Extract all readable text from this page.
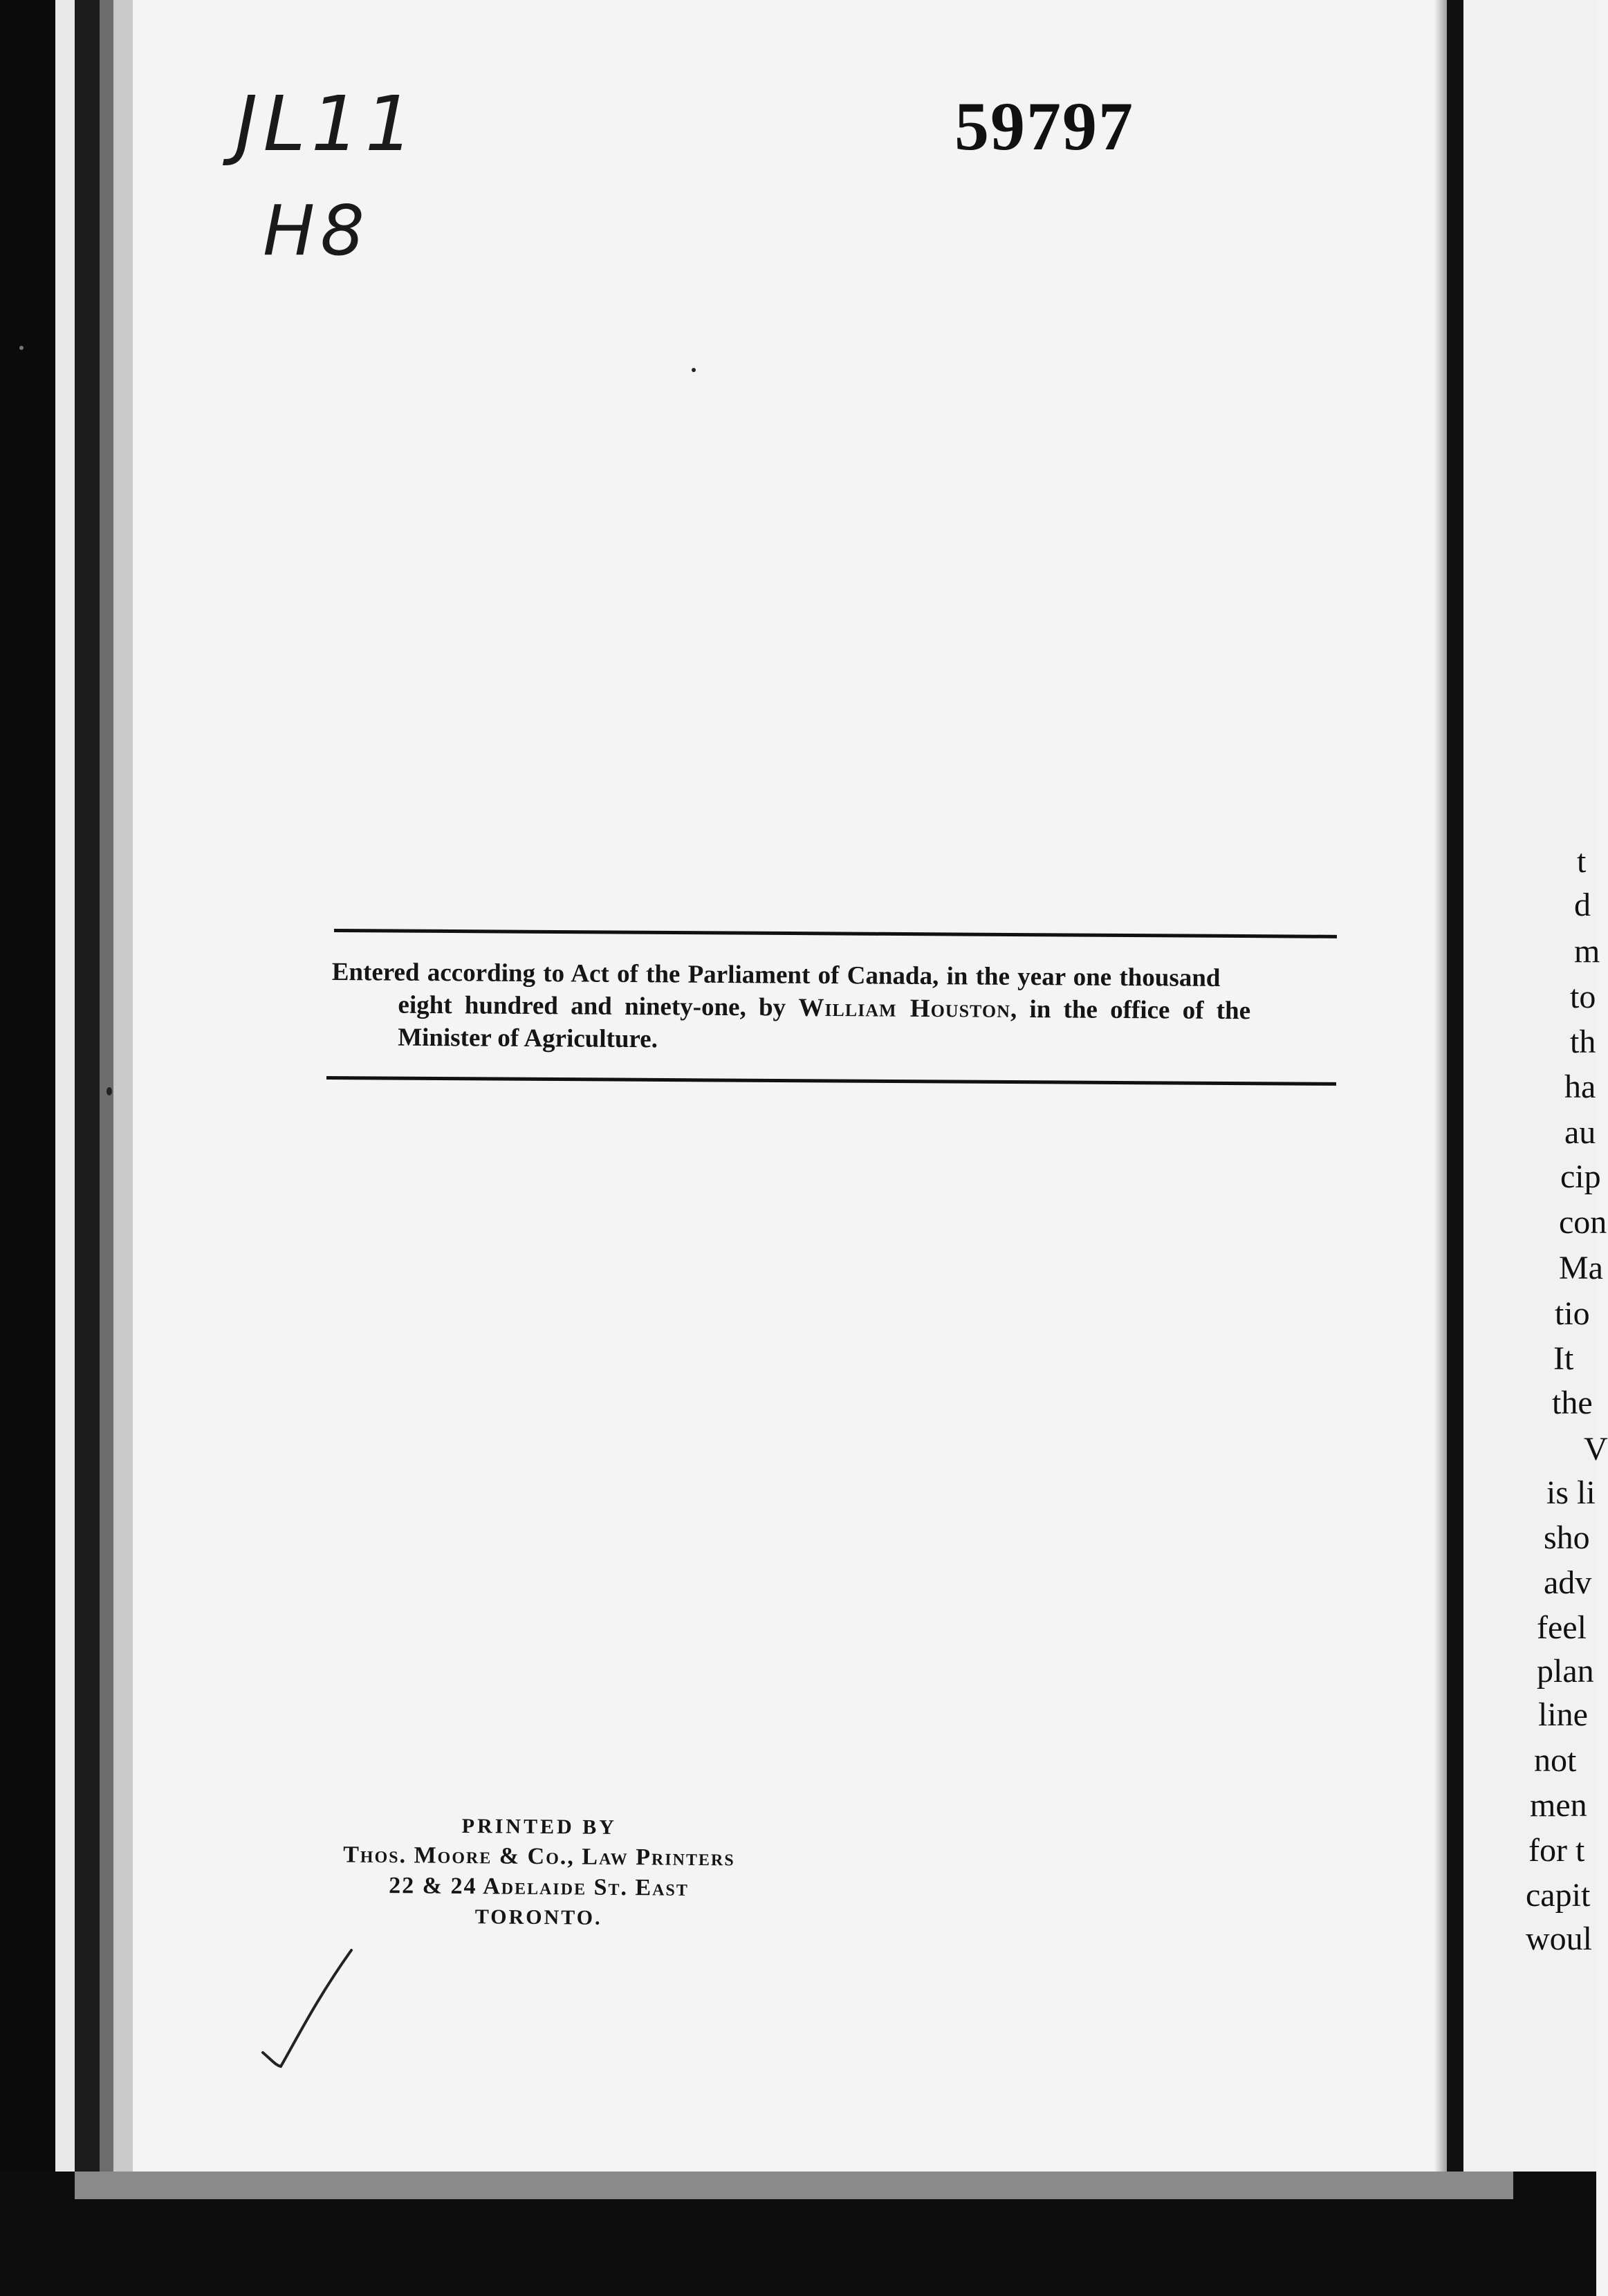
JL11
H8
59797
Entered according to Act of the Parliament of Canada, in the year one thousand
eight hundred and ninety-one, by William Houston, in the office of the
Minister of Agriculture.
PRINTED BY
Thos. Moore & Co., Law Printers
22 & 24 Adelaide St. East
TORONTO.
t
d
m
to
th
ha
au
cip
con
Ma
tio
It
the
V
is li
sho
adv
feel
plan
line
not
men
for t
capit
woul
